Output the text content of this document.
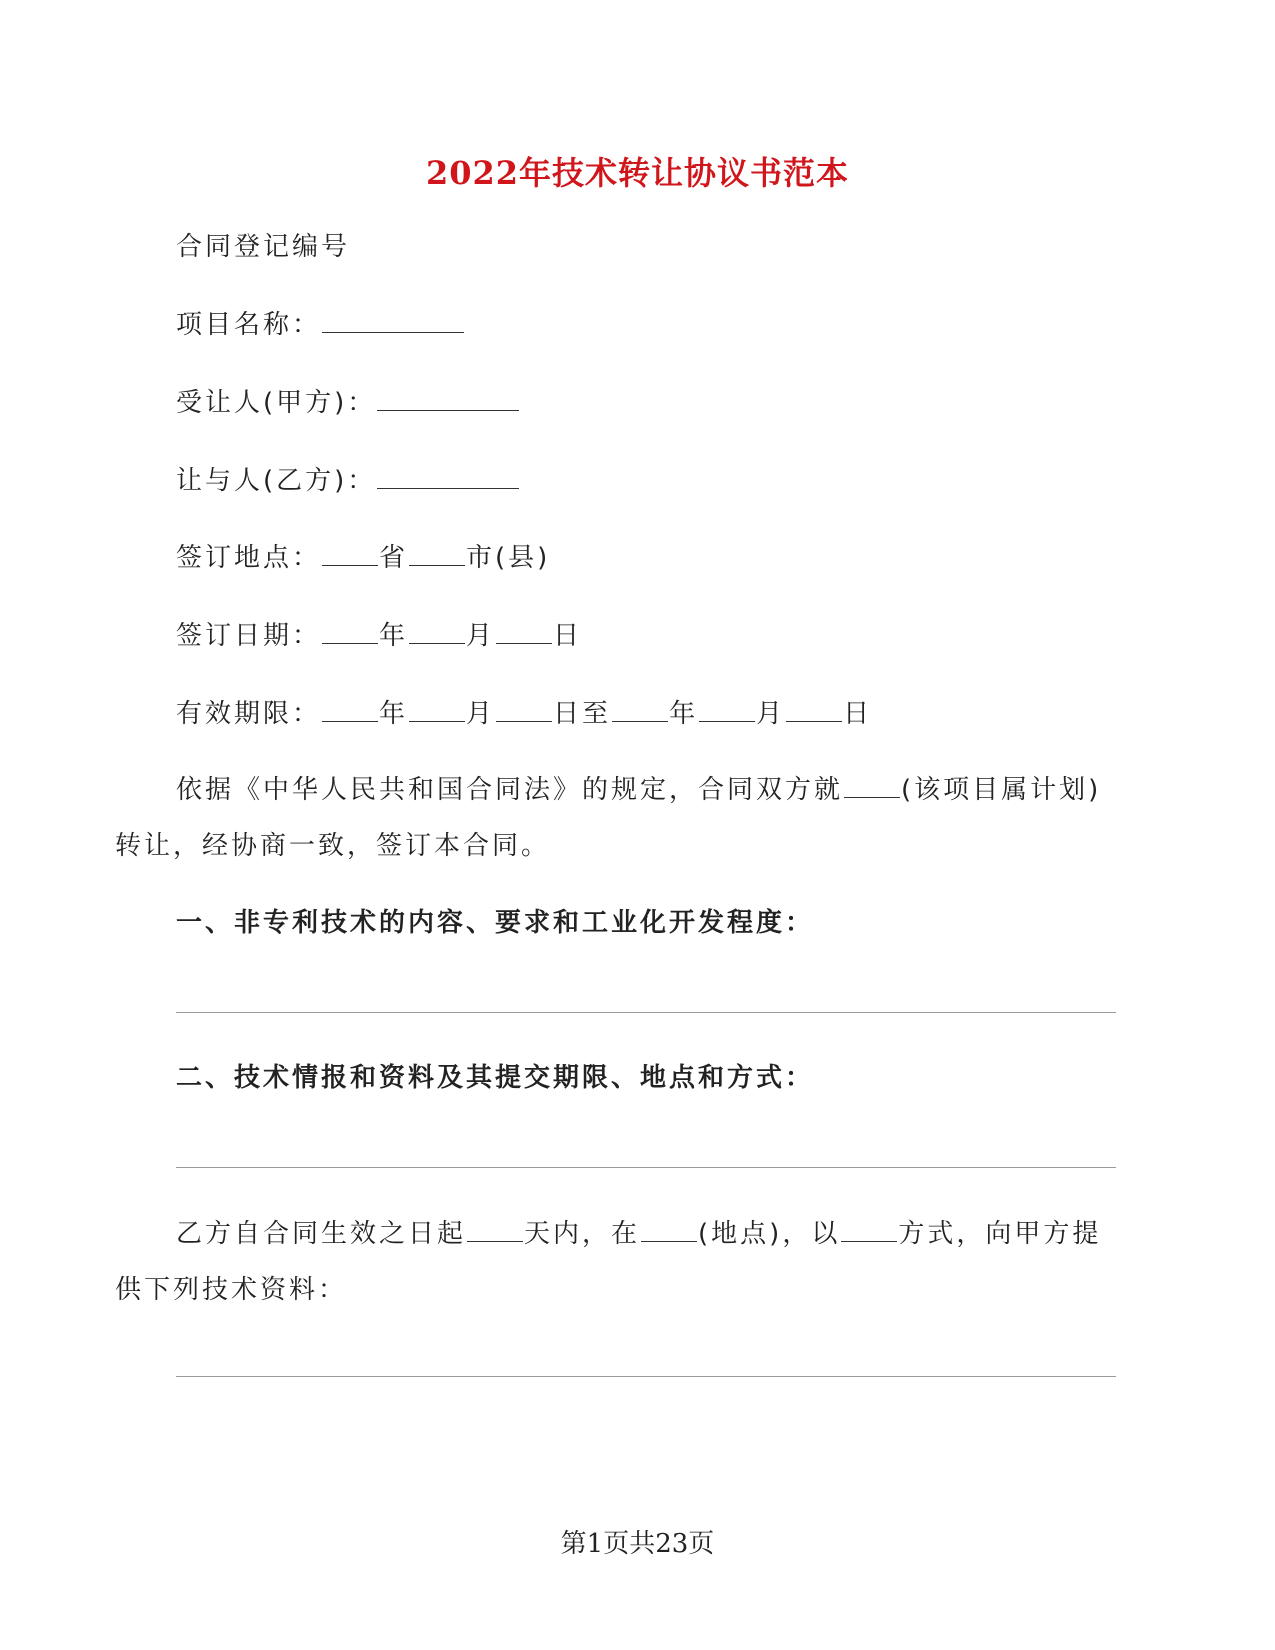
2022年技术转让协议书范本
合同登记编号
项目名称：
受让人(甲方)：
让与人(乙方)：
签订地点： 省 市(县)
签订日期： 年 月 日
有效期限： 年 月 日至 年 月 日
依据《中华人民共和国合同法》的规定，合同双方就 (该项目属计划)转让，经协商一致，签订本合同。
一、非专利技术的内容、要求和工业化开发程度：
二、技术情报和资料及其提交期限、地点和方式：
乙方自合同生效之日起 天内，在 (地点)，以 方式，向甲方提供下列技术资料：
第1页共23页
